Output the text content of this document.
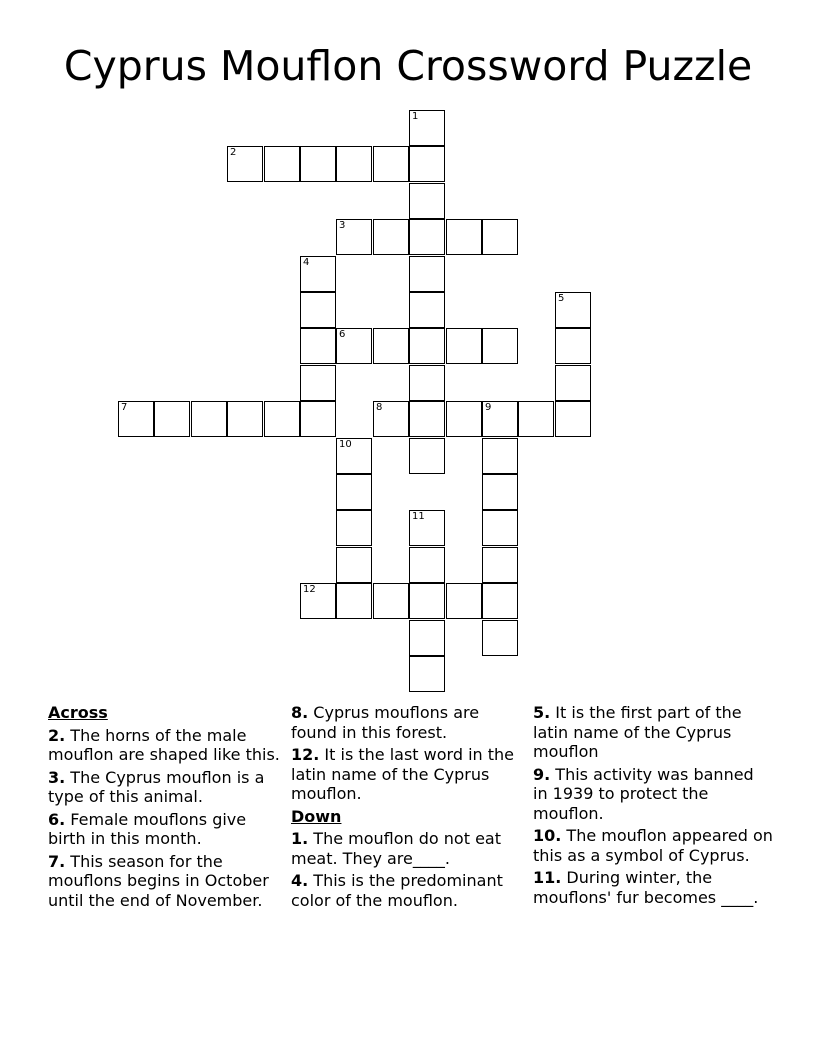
Cyprus Mouflon Crossword Puzzle
1
2
3
4
5
6
7	8	9
10
11
12
Across
2. The horns of the male mouflon are shaped like this.
3. The Cyprus mouflon is a type of this animal.
6. Female mouflons give birth in this month.
7. This season for the mouflons begins in October until the end of November.
8. Cyprus mouflons are found in this forest.
12. It is the last word in the latin name of the Cyprus mouflon.
Down
1. The mouflon do not eat meat. They are____.
4. This is the predominant color of the mouflon.
5. It is the first part of the latin name of the Cyprus mouflon
9. This activity was banned in 1939 to protect the mouflon.
10. The mouflon appeared on this as a symbol of Cyprus.
11. During winter, the mouflons' fur becomes ____.
